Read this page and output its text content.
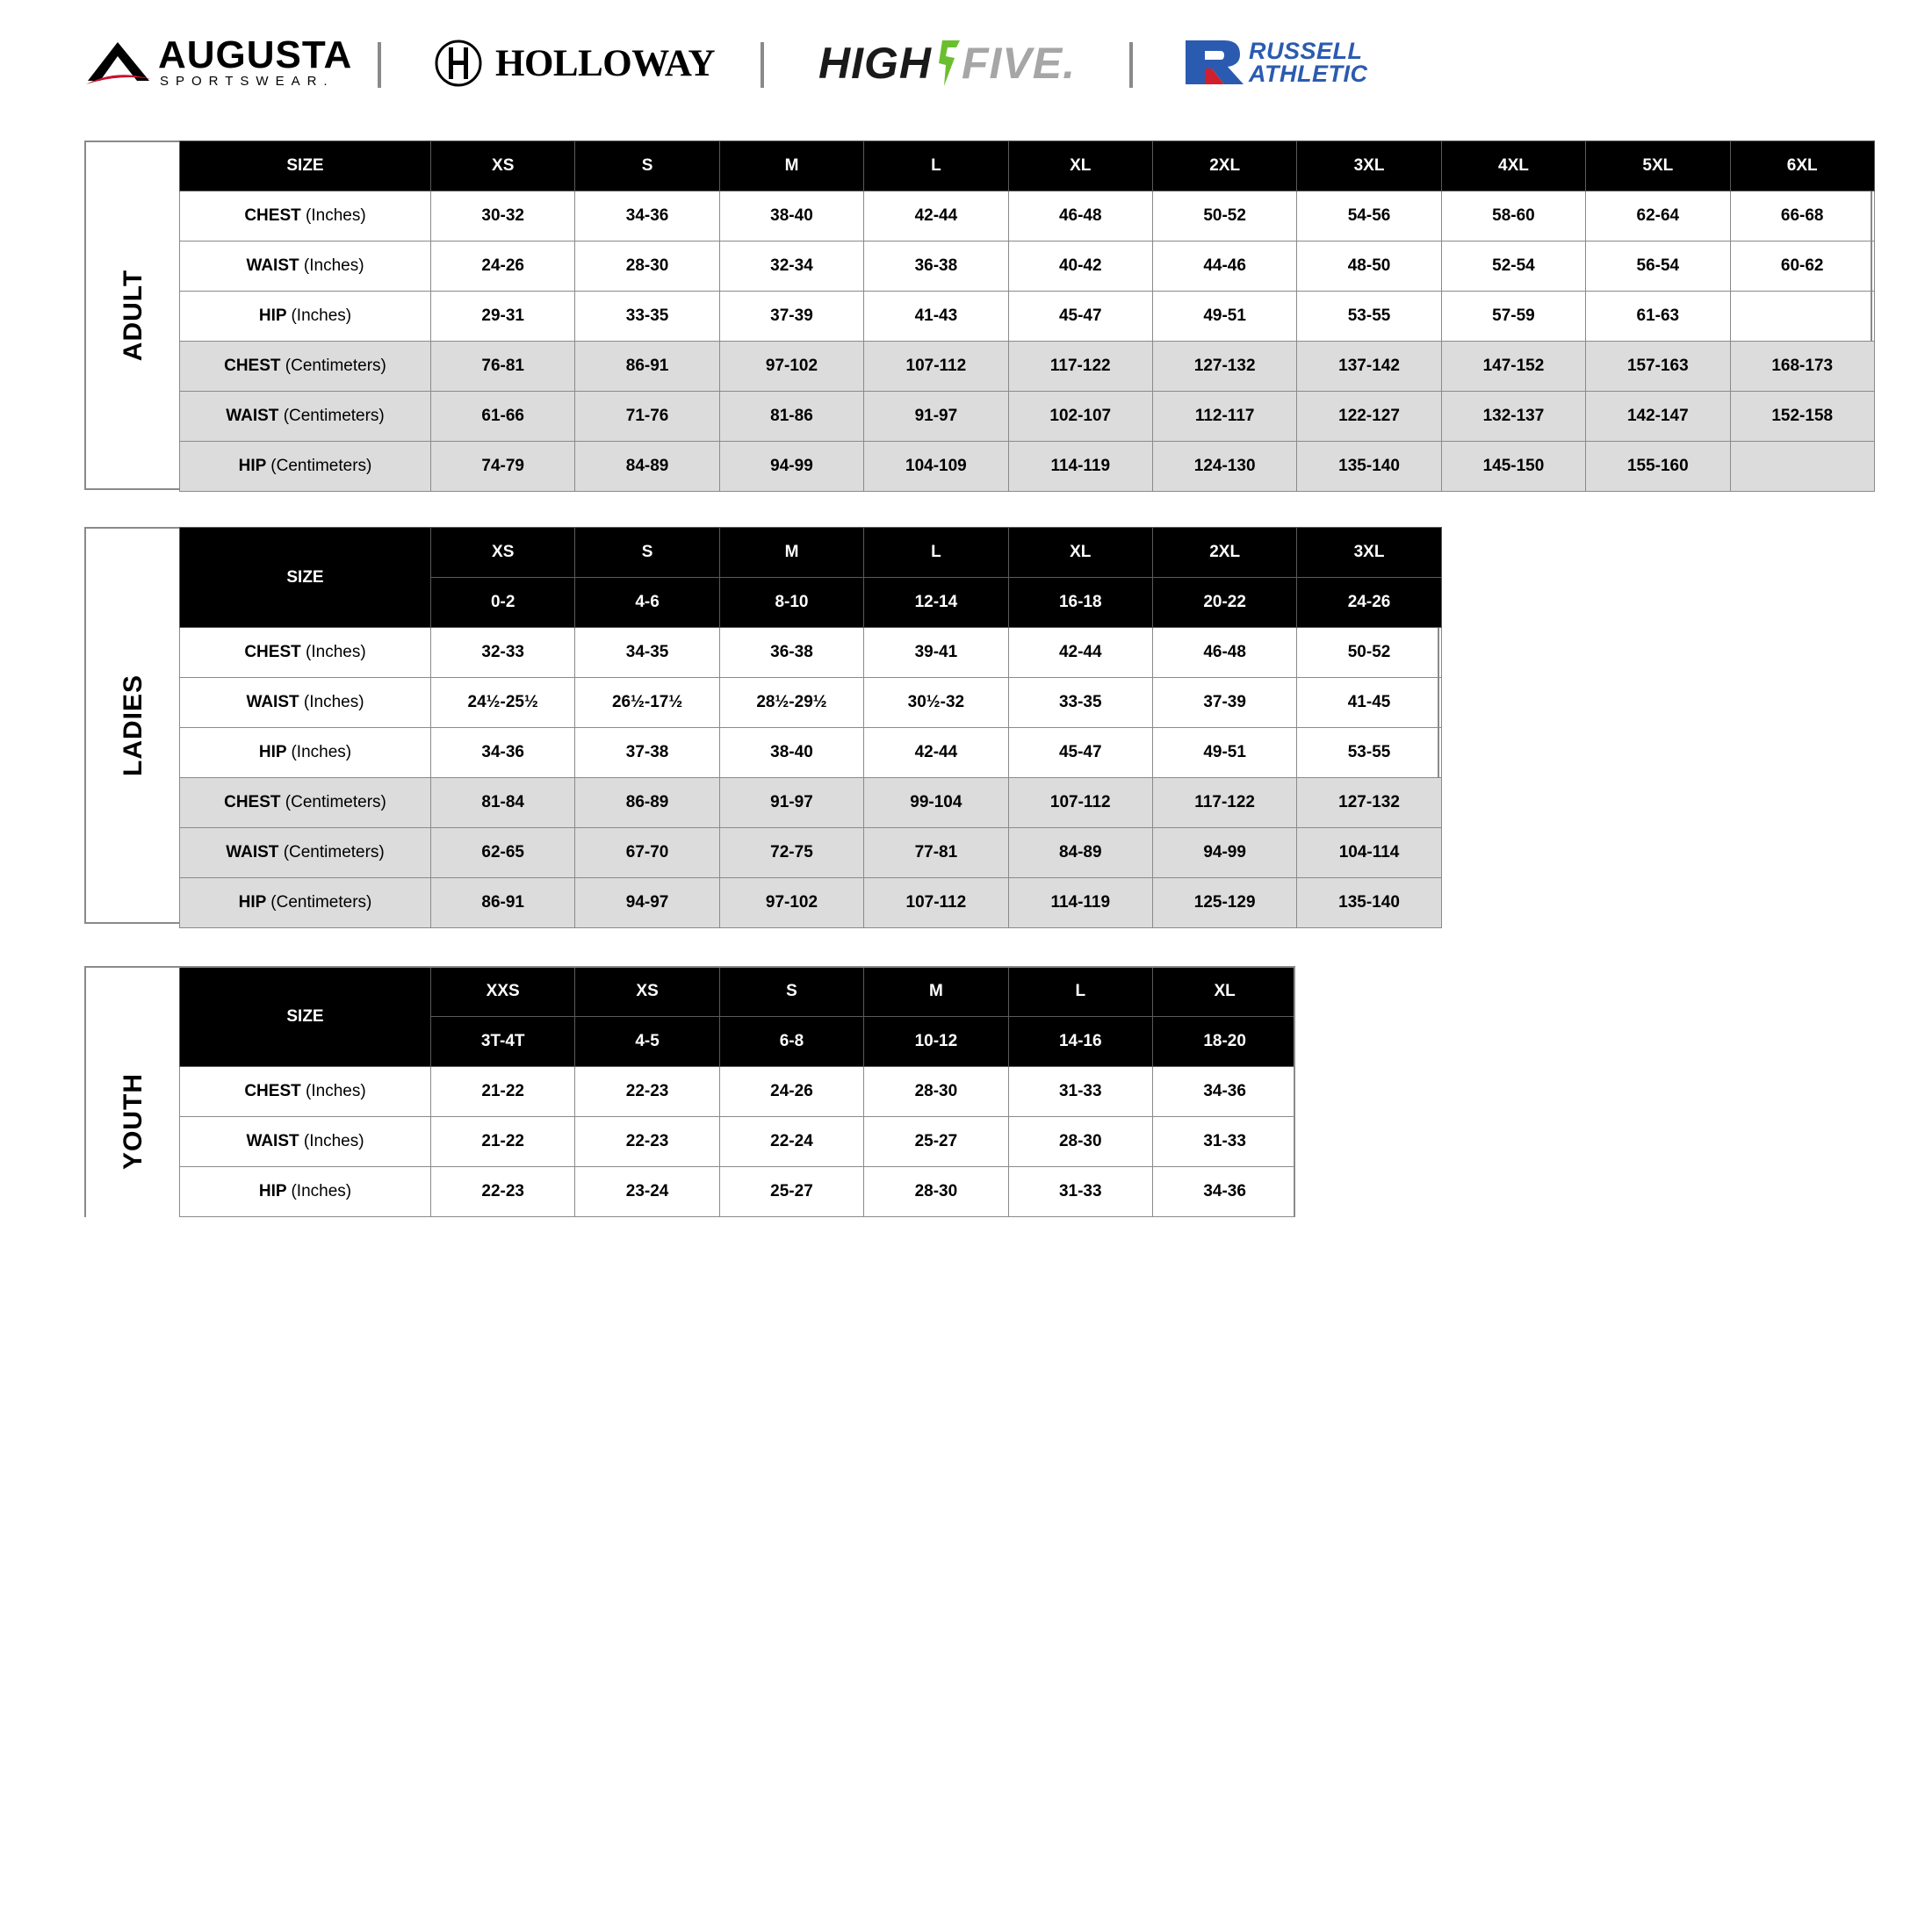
AUGUSTA
SPORTSWEAR.	HOLLOWAY HIGH FIVE.	RUSSELL
ATHLETIC
ADULT
SIZE	XS	S	M	L	XL	2XL	3XL	4XL	5XL	6XL
CHEST (Inches)	30-32	34-36	38-40	42-44	46-48	50-52	54-56	58-60	62-64	66-68
WAIST (Inches)	24-26	28-30	32-34	36-38	40-42	44-46	48-50	52-54	56-54	60-62
HIP (Inches)	29-31	33-35	37-39	41-43	45-47	49-51	53-55	57-59	61-63	
CHEST (Centimeters)	76-81	86-91	97-102	107-112	117-122	127-132	137-142	147-152	157-163	168-173
WAIST (Centimeters)	61-66	71-76	81-86	91-97	102-107	112-117	122-127	132-137	142-147	152-158
HIP (Centimeters)	74-79	84-89	94-99	104-109	114-119	124-130	135-140	145-150	155-160	
LADIES
SIZE	XS	S	M	L	XL	2XL	3XL
	0-2	4-6	8-10	12-14	16-18	20-22	24-26
CHEST (Inches)	32-33	34-35	36-38	39-41	42-44	46-48	50-52
WAIST (Inches)	24½-25½	26½-17½	28½-29½	30½-32	33-35	37-39	41-45
HIP (Inches)	34-36	37-38	38-40	42-44	45-47	49-51	53-55
CHEST (Centimeters)	81-84	86-89	91-97	99-104	107-112	117-122	127-132
WAIST (Centimeters)	62-65	67-70	72-75	77-81	84-89	94-99	104-114
HIP (Centimeters)	86-91	94-97	97-102	107-112	114-119	125-129	135-140
YOUTH
SIZE	XXS	XS	S	M	L	XL
	3T-4T	4-5	6-8	10-12	14-16	18-20
CHEST (Inches)	21-22	22-23	24-26	28-30	31-33	34-36
WAIST (Inches)	21-22	22-23	22-24	25-27	28-30	31-33
HIP (Inches)	22-23	23-24	25-27	28-30	31-33	34-36
